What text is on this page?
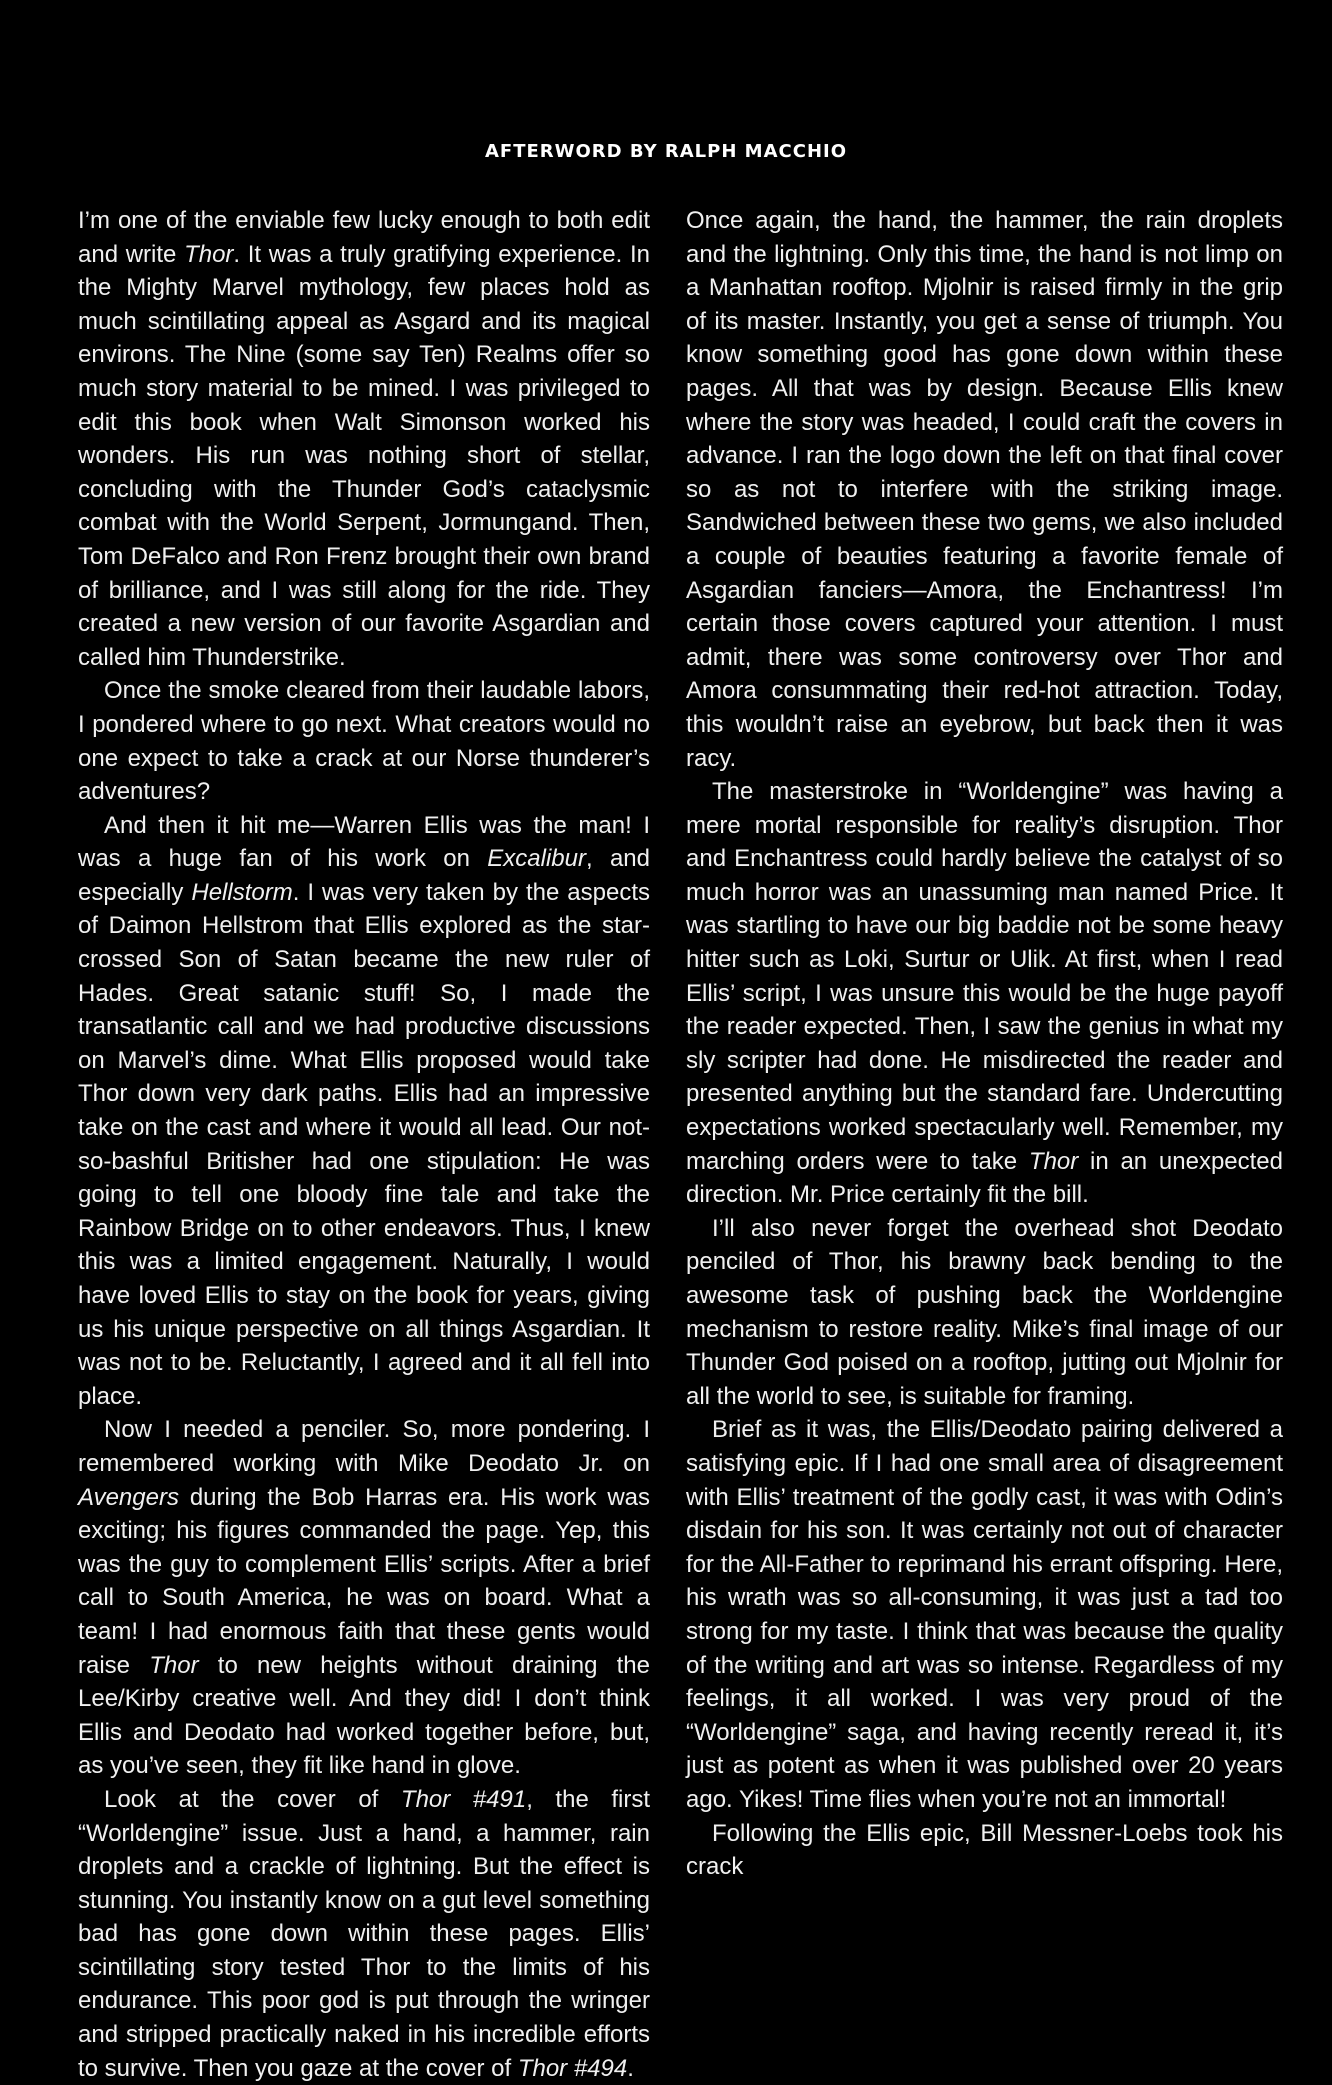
AFTERWORD BY RALPH MACCHIO

I’m one of the enviable few lucky enough to both edit and write Thor. It was a truly gratifying experience. In the Mighty Marvel mythology, few places hold as much scintillating appeal as Asgard and its magical environs. The Nine (some say Ten) Realms offer so much story material to be mined. I was privileged to edit this book when Walt Simonson worked his wonders. His run was nothing short of stellar, concluding with the Thunder God’s cataclysmic combat with the World Serpent, Jormungand. Then, Tom DeFalco and Ron Frenz brought their own brand of brilliance, and I was still along for the ride. They created a new version of our favorite Asgardian and called him Thunderstrike.

Once the smoke cleared from their laudable labors, I pondered where to go next. What creators would no one expect to take a crack at our Norse thunderer’s adventures?

And then it hit me—Warren Ellis was the man! I was a huge fan of his work on Excalibur, and especially Hellstorm. I was very taken by the aspects of Daimon Hellstrom that Ellis explored as the star-crossed Son of Satan became the new ruler of Hades. Great satanic stuff! So, I made the transatlantic call and we had productive discussions on Marvel’s dime. What Ellis proposed would take Thor down very dark paths. Ellis had an impressive take on the cast and where it would all lead. Our not-so-bashful Britisher had one stipulation: He was going to tell one bloody fine tale and take the Rainbow Bridge on to other endeavors. Thus, I knew this was a limited engagement. Naturally, I would have loved Ellis to stay on the book for years, giving us his unique perspective on all things Asgardian. It was not to be. Reluctantly, I agreed and it all fell into place.

Now I needed a penciler. So, more pondering. I remembered working with Mike Deodato Jr. on Avengers during the Bob Harras era. His work was exciting; his figures commanded the page. Yep, this was the guy to complement Ellis’ scripts. After a brief call to South America, he was on board. What a team! I had enormous faith that these gents would raise Thor to new heights without draining the Lee/Kirby creative well. And they did! I don’t think Ellis and Deodato had worked together before, but, as you’ve seen, they fit like hand in glove.

Look at the cover of Thor #491, the first “Worldengine” issue. Just a hand, a hammer, rain droplets and a crackle of lightning. But the effect is stunning. You instantly know on a gut level something bad has gone down within these pages. Ellis’ scintillating story tested Thor to the limits of his endurance. This poor god is put through the wringer and stripped practically naked in his incredible efforts to survive. Then you gaze at the cover of Thor #494.

Once again, the hand, the hammer, the rain droplets and the lightning. Only this time, the hand is not limp on a Manhattan rooftop. Mjolnir is raised firmly in the grip of its master. Instantly, you get a sense of triumph. You know something good has gone down within these pages. All that was by design. Because Ellis knew where the story was headed, I could craft the covers in advance. I ran the logo down the left on that final cover so as not to interfere with the striking image. Sandwiched between these two gems, we also included a couple of beauties featuring a favorite female of Asgardian fanciers—Amora, the Enchantress! I’m certain those covers captured your attention. I must admit, there was some controversy over Thor and Amora consummating their red-hot attraction. Today, this wouldn’t raise an eyebrow, but back then it was racy.

The masterstroke in “Worldengine” was having a mere mortal responsible for reality’s disruption. Thor and Enchantress could hardly believe the catalyst of so much horror was an unassuming man named Price. It was startling to have our big baddie not be some heavy hitter such as Loki, Surtur or Ulik. At first, when I read Ellis’ script, I was unsure this would be the huge payoff the reader expected. Then, I saw the genius in what my sly scripter had done. He misdirected the reader and presented anything but the standard fare. Undercutting expectations worked spectacularly well. Remember, my marching orders were to take Thor in an unexpected direction. Mr. Price certainly fit the bill.

I’ll also never forget the overhead shot Deodato penciled of Thor, his brawny back bending to the awesome task of pushing back the Worldengine mechanism to restore reality. Mike’s final image of our Thunder God poised on a rooftop, jutting out Mjolnir for all the world to see, is suitable for framing.

Brief as it was, the Ellis/Deodato pairing delivered a satisfying epic. If I had one small area of disagreement with Ellis’ treatment of the godly cast, it was with Odin’s disdain for his son. It was certainly not out of character for the All-Father to reprimand his errant offspring. Here, his wrath was so all-consuming, it was just a tad too strong for my taste. I think that was because the quality of the writing and art was so intense. Regardless of my feelings, it all worked. I was very proud of the “Worldengine” saga, and having recently reread it, it’s just as potent as when it was published over 20 years ago. Yikes! Time flies when you’re not an immortal!

Following the Ellis epic, Bill Messner-Loebs took his crack
